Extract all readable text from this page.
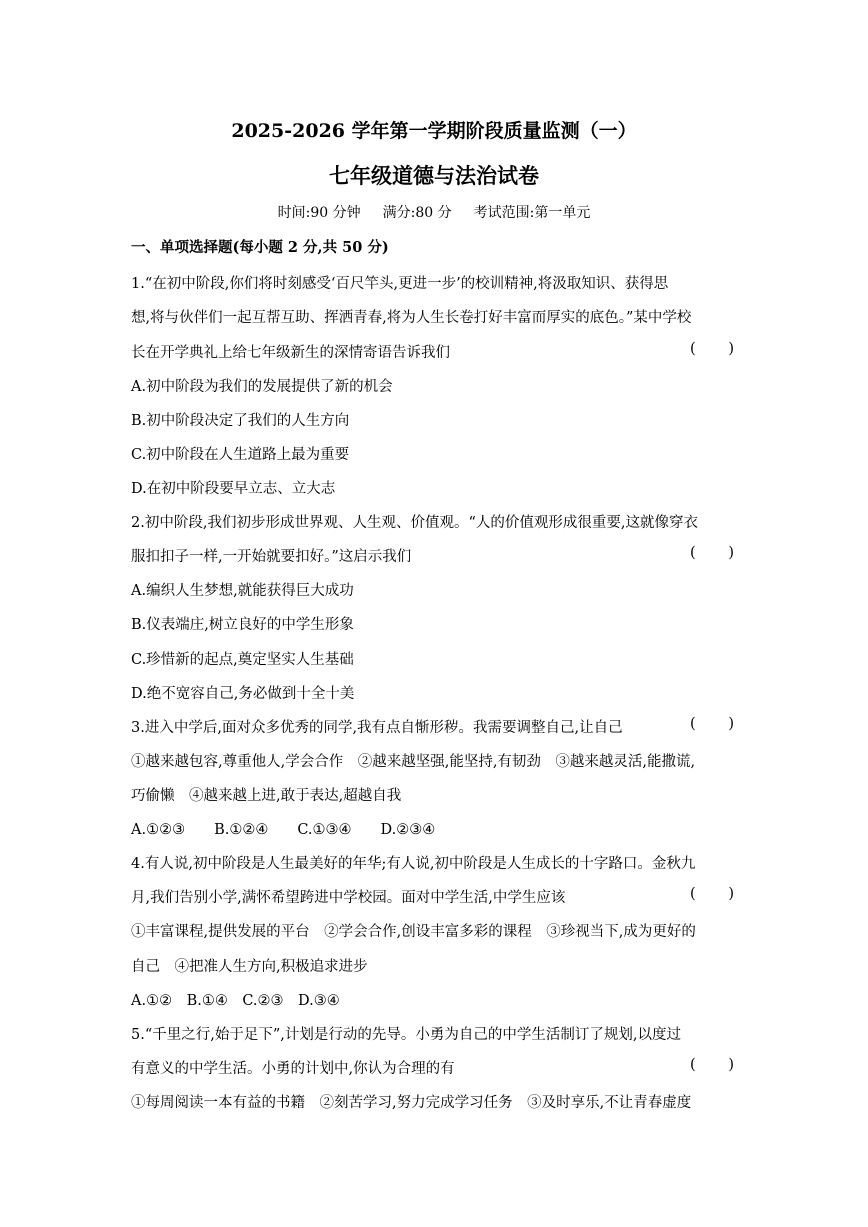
2025-2026 学年第一学期阶段质量监测（一）
七年级道德与法治试卷
时间:90 分钟 满分:80 分 考试范围:第一单元
一、单项选择题(每小题 2 分,共 50 分)
1.“在初中阶段,你们将时刻感受‘百尺竿头,更进一步’的校训精神,将汲取知识、获得思
想,将与伙伴们一起互帮互助、挥洒青春,将为人生长卷打好丰富而厚实的底色。”某中学校
长在开学典礼上给七年级新生的深情寄语告诉我们	( )
A.初中阶段为我们的发展提供了新的机会
B.初中阶段决定了我们的人生方向
C.初中阶段在人生道路上最为重要
D.在初中阶段要早立志、立大志
2.初中阶段,我们初步形成世界观、人生观、价值观。“人的价值观形成很重要,这就像穿衣
服扣扣子一样,一开始就要扣好。”这启示我们	( )
A.编织人生梦想,就能获得巨大成功
B.仪表端庄,树立良好的中学生形象
C.珍惜新的起点,奠定坚实人生基础
D.绝不宽容自己,务必做到十全十美
3.进入中学后,面对众多优秀的同学,我有点自惭形秽。我需要调整自己,让自己	( )
①越来越包容,尊重他人,学会合作　②越来越坚强,能坚持,有韧劲　③越来越灵活,能撒谎,
巧偷懒　④越来越上进,敢于表达,超越自我
A.①②③　　B.①②④　　C.①③④　　D.②③④
4.有人说,初中阶段是人生最美好的年华;有人说,初中阶段是人生成长的十字路口。金秋九
月,我们告别小学,满怀希望跨进中学校园。面对中学生活,中学生应该	( )
①丰富课程,提供发展的平台　②学会合作,创设丰富多彩的课程　③珍视当下,成为更好的
自己　④把准人生方向,积极追求进步
A.①②　B.①④　C.②③　D.③④
5.“千里之行,始于足下”,计划是行动的先导。小勇为自己的中学生活制订了规划,以度过
有意义的中学生活。小勇的计划中,你认为合理的有	( )
①每周阅读一本有益的书籍　②刻苦学习,努力完成学习任务　③及时享乐,不让青春虚度
